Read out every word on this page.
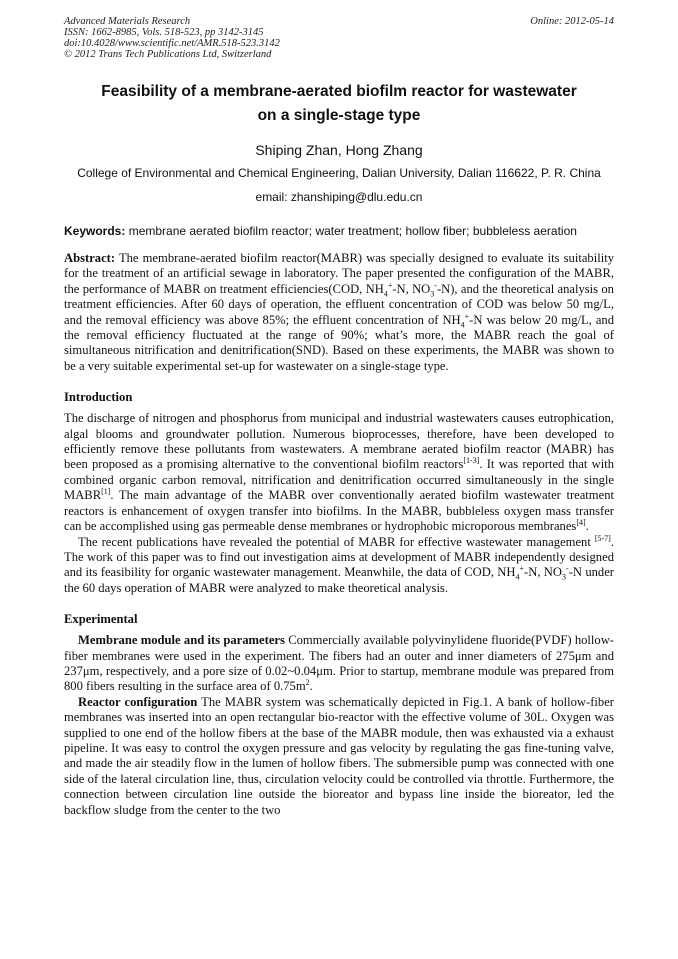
Advanced Materials Research
ISSN: 1662-8985, Vols. 518-523, pp 3142-3145
doi:10.4028/www.scientific.net/AMR.518-523.3142
© 2012 Trans Tech Publications Ltd, Switzerland
Online: 2012-05-14
Feasibility of a membrane-aerated biofilm reactor for wastewater
on a single-stage type
Shiping Zhan, Hong Zhang
College of Environmental and Chemical Engineering, Dalian University, Dalian 116622, P. R. China
email: zhanshiping@dlu.edu.cn
Keywords: membrane aerated biofilm reactor; water treatment; hollow fiber; bubbleless aeration

Abstract: The membrane-aerated biofilm reactor(MABR) was specially designed to evaluate its suitability for the treatment of an artificial sewage in laboratory. The paper presented the configuration of the MABR, the performance of MABR on treatment efficiencies(COD, $NH_4^+-N$, $NO_3^--N$), and the theoretical analysis on treatment efficiencies. After 60 days of operation, the effluent concentration of COD was below 50 mg/L, and the removal efficiency was above 85%; the effluent concentration of $NH_4^+-N$ was below 20 mg/L, and the removal efficiency fluctuated at the range of 90%; what’s more, the MABR reach the goal of simultaneous nitrification and denitrification(SND). Based on these experiments, the MABR was shown to be a very suitable experimental set-up for wastewater on a single-stage type.

Introduction

The discharge of nitrogen and phosphorus from municipal and industrial wastewaters causes eutrophication, algal blooms and groundwater pollution. Numerous bioprocesses, therefore, have been developed to efficiently remove these pollutants from wastewaters. A membrane aerated biofilm reactor (MABR) has been proposed as a promising alternative to the conventional biofilm reactors[1-3]. It was reported that with combined organic carbon removal, nitrification and denitrification occurred simultaneously in the single MABR[1]. The main advantage of the MABR over conventionally aerated biofilm wastewater treatment reactors is enhancement of oxygen transfer into biofilms. In the MABR, bubbleless oxygen mass transfer can be accomplished using gas permeable dense membranes or hydrophobic microporous membranes[4].

The recent publications have revealed the potential of MABR for effective wastewater management [5-7]. The work of this paper was to find out investigation aims at development of MABR independently designed and its feasibility for organic wastewater management. Meanwhile, the data of COD, $NH_4^+-N$, $NO_3^--N$ under the 60 days operation of MABR were analyzed to make theoretical analysis.

Experimental

Membrane module and its parameters Commercially available polyvinylidene fluoride(PVDF) hollow-fiber membranes were used in the experiment. The fibers had an outer and inner diameters of 275μm and 237μm, respectively, and a pore size of 0.02~0.04μm. Prior to startup, membrane module was prepared from 800 fibers resulting in the surface area of $0.75m^2$.

Reactor configuration The MABR system was schematically depicted in Fig.1. A bank of hollow-fiber membranes was inserted into an open rectangular bio-reactor with the effective volume of 30L. Oxygen was supplied to one end of the hollow fibers at the base of the MABR module, then was exhausted via a exhaust pipeline. It was easy to control the oxygen pressure and gas velocity by regulating the gas fine-tuning valve, and made the air steadily flow in the lumen of hollow fibers. The submersible pump was connected with one side of the lateral circulation line, thus, circulation velocity could be controlled via throttle. Furthermore, the connection between circulation line outside the bioreator and bypass line inside the bioreator, led the backflow sludge from the center to the two
